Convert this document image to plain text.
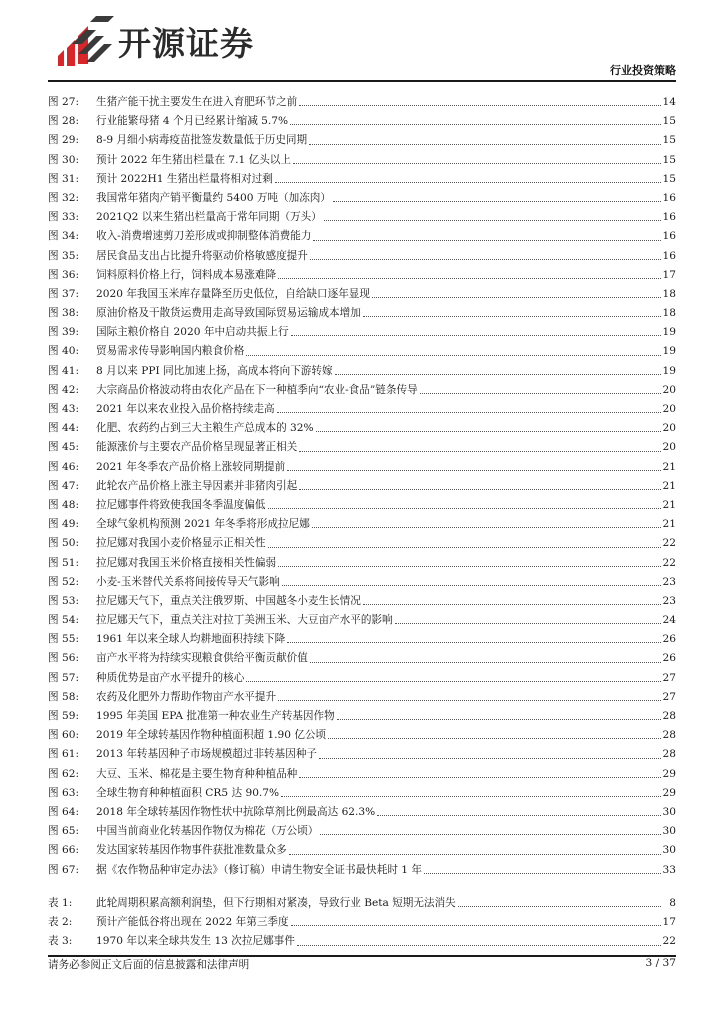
开源证券
行业投资策略
图 27:	生猪产能干扰主要发生在进入育肥环节之前	14
图 28:	行业能繁母猪 4 个月已经累计缩减 5.7%	15
图 29:	8-9 月细小病毒疫苗批签发数量低于历史同期	15
图 30:	预计 2022 年生猪出栏量在 7.1 亿头以上	15
图 31:	预计 2022H1 生猪出栏量将相对过剩	15
图 32:	我国常年猪肉产销平衡量约 5400 万吨（加冻肉）	16
图 33:	2021Q2 以来生猪出栏量高于常年同期（万头）	16
图 34:	收入-消费增速剪刀差形成或抑制整体消费能力	16
图 35:	居民食品支出占比提升将驱动价格敏感度提升	16
图 36:	饲料原料价格上行，饲料成本易涨难降	17
图 37:	2020 年我国玉米库存量降至历史低位，自给缺口逐年显现	18
图 38:	原油价格及干散货运费用走高导致国际贸易运输成本增加	18
图 39:	国际主粮价格自 2020 年中启动共振上行	19
图 40:	贸易需求传导影响国内粮食价格	19
图 41:	8 月以来 PPI 同比加速上扬，高成本将向下游转嫁	19
图 42:	大宗商品价格波动将由农化产品在下一种植季向“农业-食品”链条传导	20
图 43:	2021 年以来农业投入品价格持续走高	20
图 44:	化肥、农药约占到三大主粮生产总成本的 32%	20
图 45:	能源涨价与主要农产品价格呈现显著正相关	20
图 46:	2021 年冬季农产品价格上涨较同期提前	21
图 47:	此轮农产品价格上涨主导因素并非猪肉引起	21
图 48:	拉尼娜事件将致使我国冬季温度偏低	21
图 49:	全球气象机构预测 2021 年冬季将形成拉尼娜	21
图 50:	拉尼娜对我国小麦价格显示正相关性	22
图 51:	拉尼娜对我国玉米价格直接相关性偏弱	22
图 52:	小麦-玉米替代关系将间接传导天气影响	23
图 53:	拉尼娜天气下，重点关注俄罗斯、中国越冬小麦生长情况	23
图 54:	拉尼娜天气下，重点关注对拉丁美洲玉米、大豆亩产水平的影响	24
图 55:	1961 年以来全球人均耕地面积持续下降	26
图 56:	亩产水平将为持续实现粮食供给平衡贡献价值	26
图 57:	种质优势是亩产水平提升的核心	27
图 58:	农药及化肥外力帮助作物亩产水平提升	27
图 59:	1995 年美国 EPA 批准第一种农业生产转基因作物	28
图 60:	2019 年全球转基因作物种植面积超 1.90 亿公顷	28
图 61:	2013 年转基因种子市场规模超过非转基因种子	28
图 62:	大豆、玉米、棉花是主要生物育种种植品种	29
图 63:	全球生物育种种植面积 CR5 达 90.7%	29
图 64:	2018 年全球转基因作物性状中抗除草剂比例最高达 62.3%	30
图 65:	中国当前商业化转基因作物仅为棉花（万公顷）	30
图 66:	发达国家转基因作物事件获批准数量众多	30
图 67:	据《农作物品种审定办法》（修订稿）申请生物安全证书最快耗时 1 年	33
表 1:	此轮周期积累高额利润垫，但下行期相对紧凑，导致行业 Beta 短期无法消失	8
表 2:	预计产能低谷将出现在 2022 年第三季度	17
表 3:	1970 年以来全球共发生 13 次拉尼娜事件	22
请务必参阅正文后面的信息披露和法律声明	3 / 37
